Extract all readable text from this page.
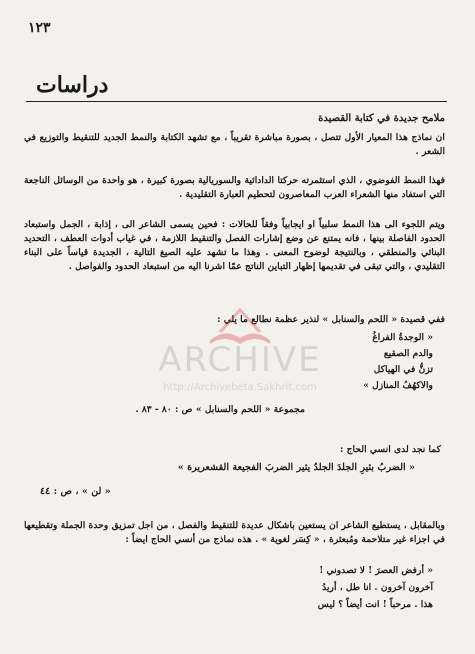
١٢٣
دراسات
ملامح جديدة في كتابة القصيدة
ان نماذج هذا المعيار الأول تتصل ، بصورة مباشرة تقريباً ، مع تشهد الكتابة والنمط الجديد للتنقيط والتوزيع في الشعر .
فهذا النمط الفوضوي ، الذي استثمرته حركتا الدادائية والسوريالية بصورة كبيرة ، هو واحدة من الوسائل الناجعة التي استفاد منها الشعراء العرب المعاصرون لتحطيم العبارة التقليدية .
ويتم اللجوء الى هذا النمط سلبياً او ايجابياً وفقاً للحالات : فحين يسمى الشاعر الى ، إذابة ، الجمل واستبعاد الحدود الفاصلة بينها ، فانه يمتنع عن وضع إشارات الفصل والتنقيط اللازمة ، في غياب أدوات العطف ، التحديد البنائي والمنطقي ، وبالنتيجة لوضوح المعنى . وهذا ما تشهد عليه الصيغ التالية ، الجديدة قياساً على البناء التقليدي ، والتي تبقى في تقديمها إظهار التباين الناتج عمّا اشرنا اليه من استبعاد الحدود والفواصل .
ففي قصيدة « اللحم والسنابل » لنذير عظمة نطالع ما يلي :
« الوجدةُ الفراغُ
والدم الصقيع
تزنُّ في الهياكل
والاكهُفُ المنازل »
مجموعة « اللحم والسنابل » ص : ٨٠ - ٨٣ .
كما نجد لدى انسي الحاج :
« الضربُ بثيرِ الجلدَ الجلدُ يثير الضربَ الفجيعة القشعريرة »
« لن » ، ص : ٤٤
وبالمقابل ، يستطيع الشاعر ان يستعين باشكال عديدة للتنقيط والفصل ، من اجل تمزيق وحدة الجملة وتقطيعها في اجزاء غير متلاحمة ومُبعثرة ، « كِسَر لغوية » . هذه نماذج من أنسي الحاج ايضاً :
« أرفض العصرَ ! لا تصدوني !
آخرون آخرون . انا طل ، أريدُ
هذا . مرحباً ! انت أيضاً ؟ ليس
ARCHIVE
http://Archivebeta.Sakhrit.com
